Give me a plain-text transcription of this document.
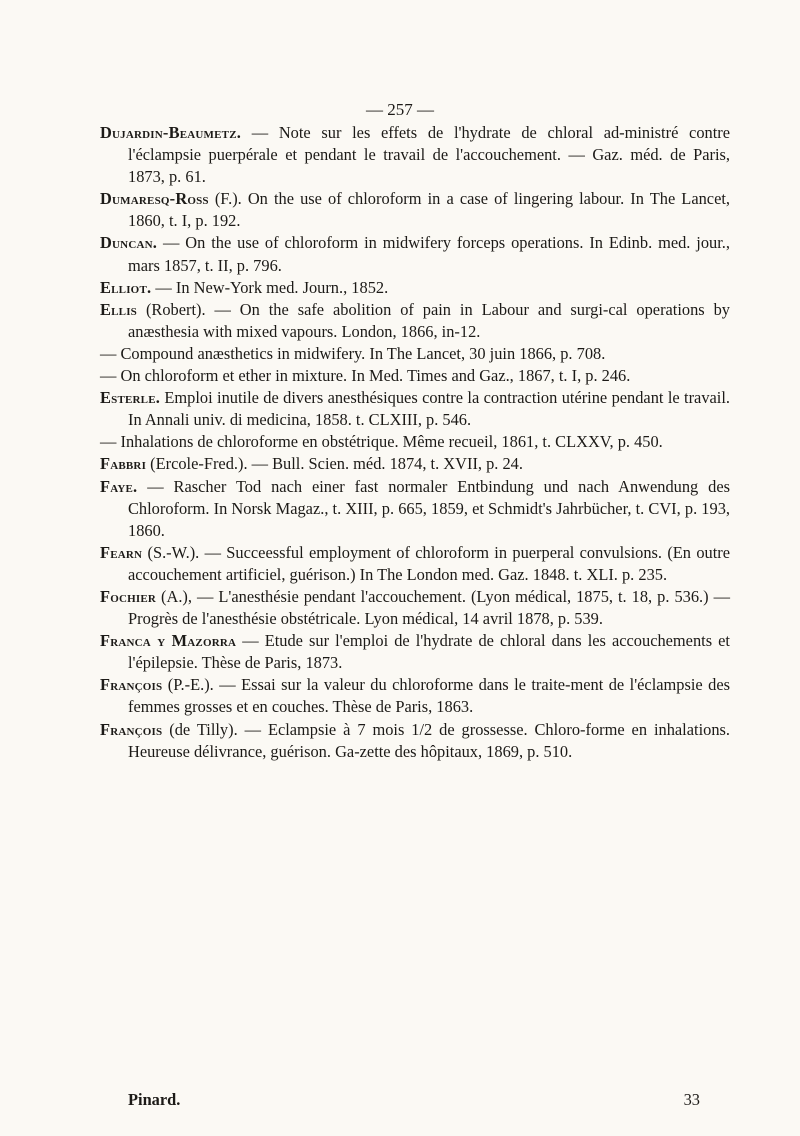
— 257 —
Dujardin-Beaumetz. — Note sur les effets de l'hydrate de chloral ad-ministré contre l'éclampsie puerpérale et pendant le travail de l'accouchement. — Gaz. méd. de Paris, 1873, p. 61.
Dumaresq-Ross (F.). On the use of chloroform in a case of lingering labour. In The Lancet, 1860, t. I, p. 192.
Duncan. — On the use of chloroform in midwifery forceps operations. In Edinb. med. jour., mars 1857, t. II, p. 796.
Elliot. — In New-York med. Journ., 1852.
Ellis (Robert). — On the safe abolition of pain in Labour and surgi-cal operations by anæsthesia with mixed vapours. London, 1866, in-12.
— Compound anæsthetics in midwifery. In The Lancet, 30 juin 1866, p. 708.
— On chloroform et ether in mixture. In Med. Times and Gaz., 1867, t. I, p. 246.
Esterle. Emploi inutile de divers anesthésiques contre la contraction utérine pendant le travail. In Annali univ. di medicina, 1858. t. CLXIII, p. 546.
— Inhalations de chloroforme en obstétrique. Même recueil, 1861, t. CLXXV, p. 450.
Fabbri (Ercole-Fred.). — Bull. Scien. méd. 1874, t. XVII, p. 24.
Faye. — Rascher Tod nach einer fast normaler Entbindung und nach Anwendung des Chloroform. In Norsk Magaz., t. XIII, p. 665, 1859, et Schmidt's Jahrbücher, t. CVI, p. 193, 1860.
Fearn (S.-W.). — Succeessful employment of chloroform in puerperal convulsions. (En outre accouchement artificiel, guérison.) In The London med. Gaz. 1848. t. XLI. p. 235.
Fochier (A.), — L'anesthésie pendant l'accouchement. (Lyon médical, 1875, t. 18, p. 536.) — Progrès de l'anesthésie obstétricale. Lyon médical, 14 avril 1878, p. 539.
Franca y Mazorra — Etude sur l'emploi de l'hydrate de chloral dans les accouchements et l'épilepsie. Thèse de Paris, 1873.
François (P.-E.). — Essai sur la valeur du chloroforme dans le traite-ment de l'éclampsie des femmes grosses et en couches. Thèse de Paris, 1863.
François (de Tilly). — Eclampsie à 7 mois 1/2 de grossesse. Chloro-forme en inhalations. Heureuse délivrance, guérison. Ga-zette des hôpitaux, 1869, p. 510.
Pinard.	33
